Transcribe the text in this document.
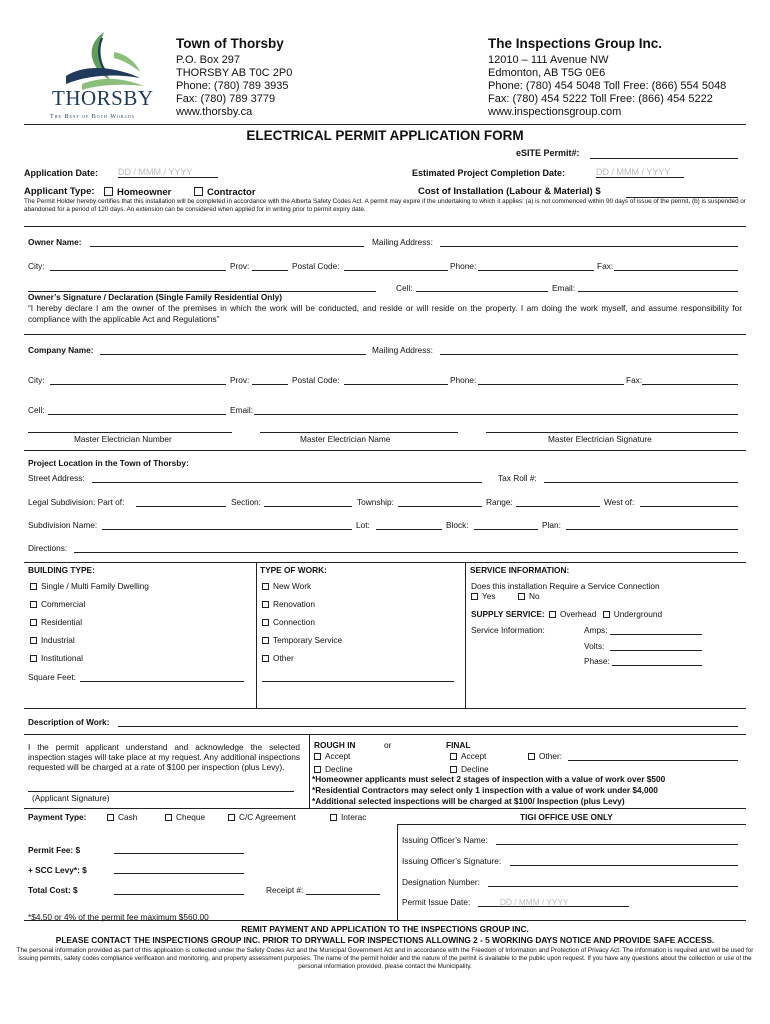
THORSBY
The Best of Both Worlds
Town of Thorsby
P.O. Box 297
THORSBY AB T0C 2P0
Phone: (780) 789 3935
Fax: (780) 789 3779
www.thorsby.ca
The Inspections Group Inc.
12010 – 111 Avenue NW
Edmonton, AB T5G 0E6
Phone: (780) 454 5048 Toll Free: (866) 554 5048
Fax: (780) 454 5222 Toll Free: (866) 454 5222
www.inspectionsgroup.com
ELECTRICAL PERMIT APPLICATION FORM
eSITE Permit#:
Application Date: DD / MMM / YYYY	Estimated Project Completion Date:	DD / MMM / YYYY
Applicant Type:	Homeowner	Contractor	Cost of Installation (Labour & Material) $
The Permit Holder hereby certifies that this installation will be completed in accordance with the Alberta Safety Codes Act. A permit may expire if the undertaking to which it applies: (a) is not commenced within 90 days of issue of the permit, (b) is suspended or abandoned for a period of 120 days. An extension can be considered when applied for in writing prior to permit expiry date.
Owner Name:	Mailing Address:
City:	Prov:	Postal Code:	Phone:	Fax:
Cell:	Email:
Owner’s Signature / Declaration (Single Family Residential Only)
“I hereby declare I am the owner of the premises in which the work will be conducted, and reside or will reside on the property. I am doing the work myself, and assume responsibility for compliance with the applicable Act and Regulations”
Company Name:	Mailing Address:
City:	Prov:	Postal Code:	Phone:	Fax:
Cell:	Email:
Master Electrician Number	Master Electrician Name	Master Electrician Signature
Project Location in the Town of Thorsby:
Street Address:	Tax Roll #:
Legal Subdivision: Part of:	Section:	Township:	Range:	West of:
Subdivision Name:	Lot:	Block:	Plan:
Directions:
BUILDING TYPE:
Single / Multi Family Dwelling
Commercial
Residential
Industrial
Institutional
Square Feet:
TYPE OF WORK:
New Work
Renovation
Connection
Temporary Service
Other
SERVICE INFORMATION:
Does this installation Require a Service Connection
Yes	No
SUPPLY SERVICE: Overhead Underground
Service Information:	Amps:
Volts:
Phase:
Description of Work:
I the permit applicant understand and acknowledge the selected inspection stages will take place at my request. Any additional inspections requested will be charged at a rate of $100 per inspection (plus Levy).
(Applicant Signature)
ROUGH IN	or	FINAL
Accept	Accept	Other:
Decline	Decline
*Homeowner applicants must select 2 stages of inspection with a value of work over $500
*Residential Contractors may select only 1 inspection with a value of work under $4,000
*Additional selected inspections will be charged at $100/ Inspection (plus Levy)
Payment Type:	Cash	Cheque	C/C Agreement	Interac	TIGI OFFICE USE ONLY
Permit Fee: $
+ SCC Levy*: $
Total Cost: $	Receipt #:
*$4.50 or 4% of the permit fee maximum $560.00
Issuing Officer’s Name:
Issuing Officer’s Signature:
Designation Number:
Permit Issue Date:	DD / MMM / YYYY
REMIT PAYMENT AND APPLICATION TO THE INSPECTIONS GROUP INC.
PLEASE CONTACT THE INSPECTIONS GROUP INC. PRIOR TO DRYWALL FOR INSPECTIONS ALLOWING 2 - 5 WORKING DAYS NOTICE AND PROVIDE SAFE ACCESS.
The personal information provided as part of this application is collected under the Safety Codes Act and the Municipal Government Act and in accordance with the Freedom of Information and Protection of Privacy Act. The information is required and will be used for issuing permits, safety codes compliance verification and monitoring, and property assessment purposes. The name of the permit holder and the nature of the permit is available to the public upon request. If you have any questions about the collection or use of the personal information provided, please contact the Municipality.
